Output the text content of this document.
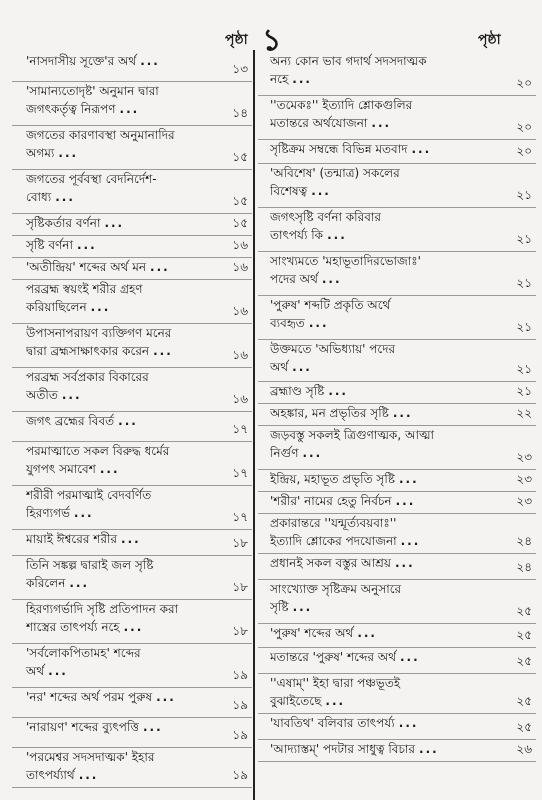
পৃষ্ঠা ১	পৃষ্ঠা
'নাসদাসীয় সূক্তে'র অর্থ ...
১৩
'সামান্যতোদৃষ্ট' অনুমান দ্বারা
জগৎকর্তৃত্ব নিরূপণ ...	১৪
জগতের কারণাবস্থা অনুমানাদির
অগম্য ...	১৫
জগতের পূর্ববস্থা বেদনির্দেশ-
বোধ্য ...	১৫
সৃষ্টিকর্তার বর্ণনা ...	১৫
সৃষ্টি বর্ণনা ...	১৬
'অতীন্দ্রিয়' শব্দের অর্থ মন ...	১৬
পরব্রহ্ম স্বয়ংই শরীর গ্রহণ
করিয়াছিলেন ...	১৬
উপাসনাপরায়ণ ব্যক্তিগণ মনের
দ্বারা ব্রহ্মসাক্ষাৎকার করেন ...	১৬
পরব্রহ্ম সর্বপ্রকার বিকারের
অতীত ...	১৬
জগৎ ব্রহ্মের বিবর্ত ...
১৭
পরমাত্মাতে সকল বিরুদ্ধ ধর্মের
যুগপৎ সমাবেশ ...	১৭
শরীরী পরমাত্মাই বেদবর্ণিত
হিরণ্যগর্ভ ...	১৭
মায়াই ঈশ্বরের শরীর ...	১৮
তিনি সঙ্কল্প দ্বারাই জল সৃষ্টি
করিলেন ...	১৮
হিরণ্যগর্ভাদি সৃষ্টি প্রতিপাদন করা
শাস্ত্রের তাৎপর্য্য নহে ...	১৮
'সর্বলোকপিতামহ' শব্দের
অর্থ ...	১৯
'নর' শব্দের অর্থ পরম পুরুষ ...
১৯
'নারায়ণ' শব্দের ব্যুৎপত্তি ...
১৯
'পরমেশ্বর সদসদাত্মক' ইহার
তাৎপর্য্যার্থ ...	১৯
অন্য কোন ভাব গদার্থ সদসদাত্মক
নহে ...	২০
''তমেকঃ'' ইত্যাদি শ্লোকগুলির
মতান্তরে অর্থযোজনা ...	২০
সৃষ্টিক্রম সম্বন্ধে বিভিন্ন মতবাদ ...	২০
'অবিশেষ' (তন্মাত্র) সকলের
বিশেষত্ব ...	২১
জগৎসৃষ্টি বর্ণনা করিবার
তাৎপর্য্য কি ...	২১
সাংখ্যমতে 'মহাভূতাদিরভোজাঃ'
পদের অর্থ ...	২১
'পুরুষ' শব্দটি প্রকৃতি অর্থে
ব্যবহৃত ...	২১
উক্তমতে 'অভিধ্যায়' পদের
অর্থ ...	২১
ব্রহ্মাণ্ড সৃষ্টি ...	২১
অহঙ্কার, মন প্রভৃতির সৃষ্টি ...	২২
জড়বস্তু সকলই ত্রিগুণাত্মক, আত্মা
নির্গুণ ...	২৩
ইন্দ্রিয়, মহাভূত প্রভৃতি সৃষ্টি ...	২৩
'শরীর' নামের হেতু নির্বচন ...	২৩
প্রকারান্তরে ''যন্মূর্ত্যবয়বাঃ''
ইত্যাদি শ্লোকের পদযোজনা ...	২৪
প্রধানই সকল বস্তুর আশ্রয় ...	২৪
সাংখ্যোক্ত সৃষ্টিক্রম অনুসারে
সৃষ্টি ...	২৫
'পুরুষ' শব্দের অর্থ ...	২৫
মতান্তরে 'পুরুষ' শব্দের অর্থ ...	২৫
''এষাম্'' ইহা দ্বারা পঞ্চভূতই
বুঝাইতেছে ...	২৫
'যাবতিথ' বলিবার তাৎপর্য্য ...	২৫
'আদ্যাস্তম্' পদটার সাধুত্ব বিচার ...	২৬
